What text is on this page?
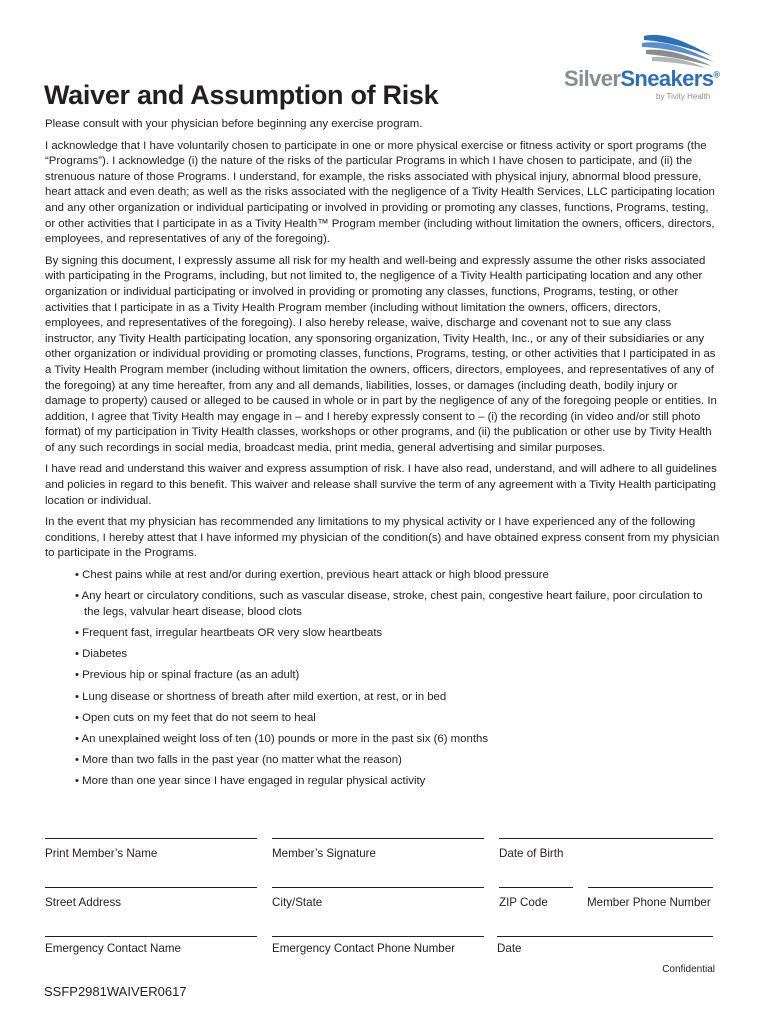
SilverSneakers®
by Tivity Health
Waiver and Assumption of Risk

Please consult with your physician before beginning any exercise program.

I acknowledge that I have voluntarily chosen to participate in one or more physical exercise or fitness activity or sport programs (the “Programs”). I acknowledge (i) the nature of the risks of the particular Programs in which I have chosen to participate, and (ii) the strenuous nature of those Programs. I understand, for example, the risks associated with physical injury, abnormal blood pressure, heart attack and even death; as well as the risks associated with the negligence of a Tivity Health Services, LLC participating location and any other organization or individual participating or involved in providing or promoting any classes, functions, Programs, testing, or other activities that I participate in as a Tivity Health™ Program member (including without limitation the owners, officers, directors, employees, and representatives of any of the foregoing).

By signing this document, I expressly assume all risk for my health and well-being and expressly assume the other risks associated with participating in the Programs, including, but not limited to, the negligence of a Tivity Health participating location and any other organization or individual participating or involved in providing or promoting any classes, functions, Programs, testing, or other activities that I participate in as a Tivity Health Program member (including without limitation the owners, officers, directors, employees, and representatives of the foregoing). I also hereby release, waive, discharge and covenant not to sue any class instructor, any Tivity Health participating location, any sponsoring organization, Tivity Health, Inc., or any of their subsidiaries or any other organization or individual providing or promoting classes, functions, Programs, testing, or other activities that I participated in as a Tivity Health Program member (including without limitation the owners, officers, directors, employees, and representatives of any of the foregoing) at any time hereafter, from any and all demands, liabilities, losses, or damages (including death, bodily injury or damage to property) caused or alleged to be caused in whole or in part by the negligence of any of the foregoing people or entities. In addition, I agree that Tivity Health may engage in – and I hereby expressly consent to – (i) the recording (in video and/or still photo format) of my participation in Tivity Health classes, workshops or other programs, and (ii) the publication or other use by Tivity Health of any such recordings in social media, broadcast media, print media, general advertising and similar purposes.

I have read and understand this waiver and express assumption of risk. I have also read, understand, and will adhere to all guidelines and policies in regard to this benefit. This waiver and release shall survive the term of any agreement with a Tivity Health participating location or individual.

In the event that my physician has recommended any limitations to my physical activity or I have experienced any of the following conditions, I hereby attest that I have informed my physician of the condition(s) and have obtained express consent from my physician to participate in the Programs.

• Chest pains while at rest and/or during exertion, previous heart attack or high blood pressure
• Any heart or circulatory conditions, such as vascular disease, stroke, chest pain, congestive heart failure, poor circulation to the legs, valvular heart disease, blood clots
• Frequent fast, irregular heartbeats OR very slow heartbeats
• Diabetes
• Previous hip or spinal fracture (as an adult)
• Lung disease or shortness of breath after mild exertion, at rest, or in bed
• Open cuts on my feet that do not seem to heal
• An unexplained weight loss of ten (10) pounds or more in the past six (6) months
• More than two falls in the past year (no matter what the reason)
• More than one year since I have engaged in regular physical activity
Print Member’s Name	Member’s Signature	Date of Birth
Street Address	City/State	ZIP Code	Member Phone Number
Emergency Contact Name	Emergency Contact Phone Number	Date
Confidential
SSFP2981WAIVER0617
